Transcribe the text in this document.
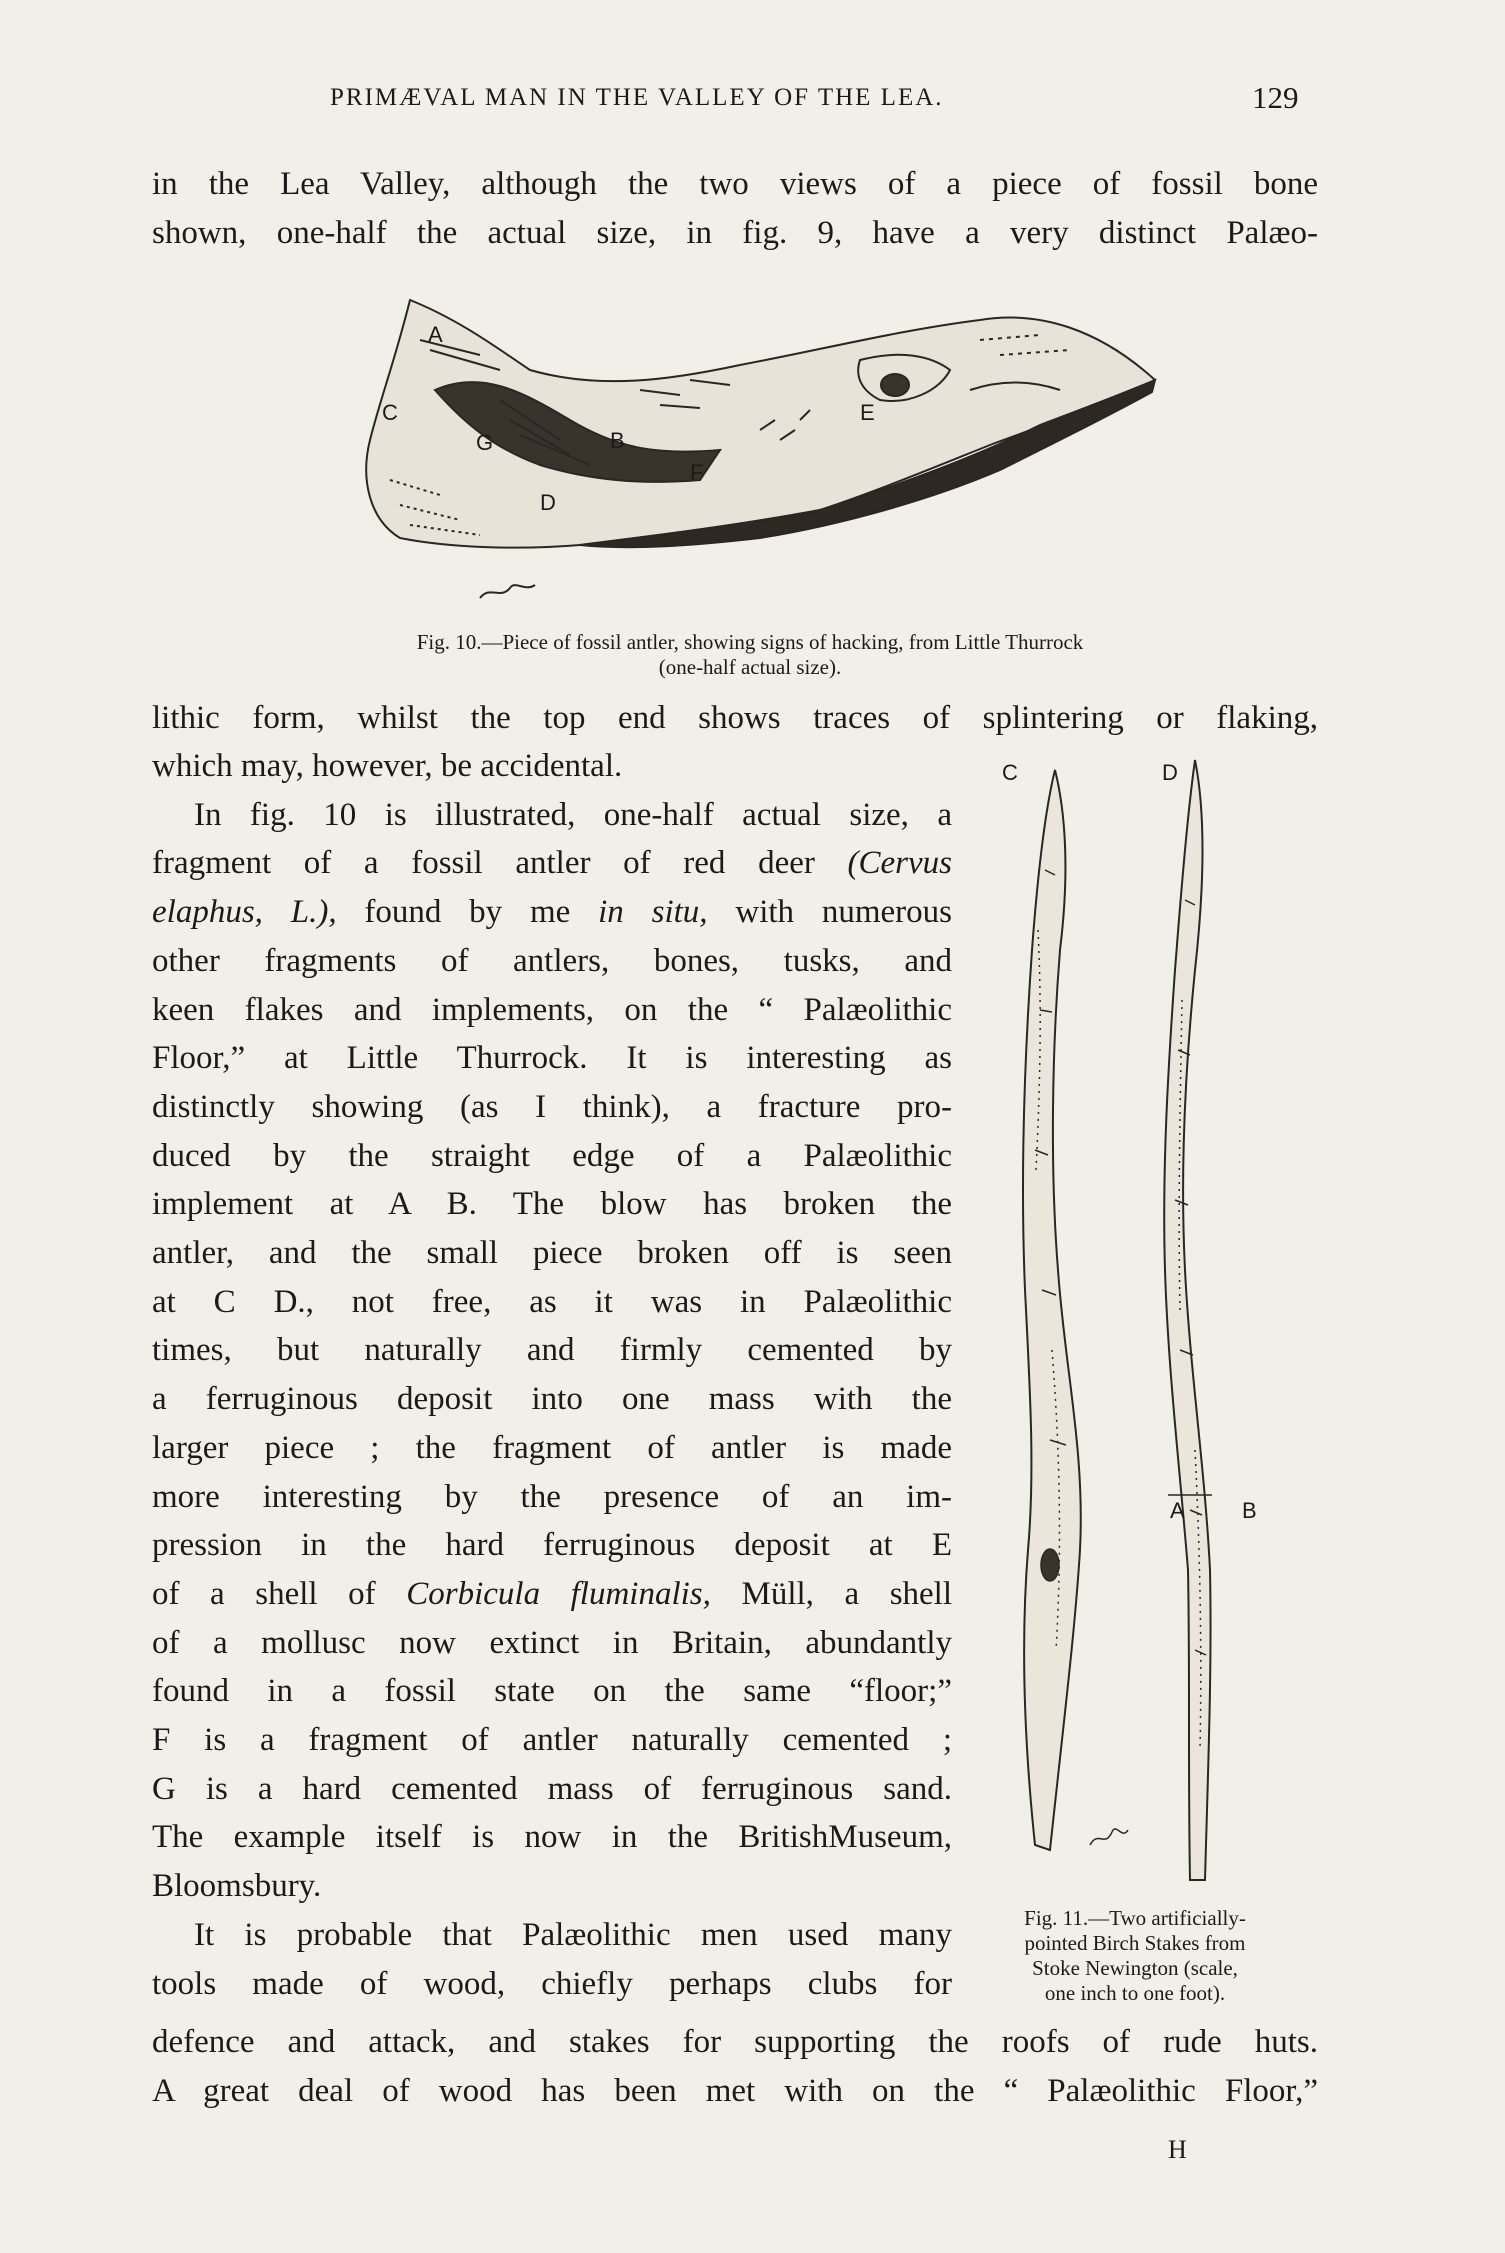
PRIMÆVAL MAN IN THE VALLEY OF THE LEA.	129

in the Lea Valley, although the two views of a piece of fossil bone

shown, one-half the actual size, in fig. 9, have a very distinct Palæo-

A
B
C
D
E
F
G
Fig. 10.—Piece of fossil antler, showing signs of hacking, from Little Thurrock
(one-half actual size).

lithic form, whilst the top end shows traces of splintering or flaking,

which may, however, be accidental.

In fig. 10 is illustrated, one-half actual size, a

fragment of a fossil antler of red deer (Cervus

elaphus, L.), found by me in situ, with numerous

other fragments of antlers, bones, tusks, and

keen flakes and implements, on the “ Palæolithic

Floor,” at Little Thurrock. It is interesting as

distinctly showing (as I think), a fracture pro-

duced by the straight edge of a Palæolithic

implement at A B. The blow has broken the

antler, and the small piece broken off is seen

at C D., not free, as it was in Palæolithic

times, but naturally and firmly cemented by

a ferruginous deposit into one mass with the

larger piece ; the fragment of antler is made

more interesting by the presence of an im-

pression in the hard ferruginous deposit at E

of a shell of Corbicula fluminalis, Müll, a shell

of a mollusc now extinct in Britain, abundantly

found in a fossil state on the same “floor;”

F is a fragment of antler naturally cemented ;

G is a hard cemented mass of ferruginous sand.

The example itself is now in the BritishMuseum,

Bloomsbury.

It is probable that Palæolithic men used many

tools made of wood, chiefly perhaps clubs for

C	D
A	B
Fig. 11.—Two artificially-
pointed Birch Stakes from
Stoke Newington (scale,
one inch to one foot).

defence and attack, and stakes for supporting the roofs of rude huts.

A great deal of wood has been met with on the “ Palæolithic Floor,”

H
